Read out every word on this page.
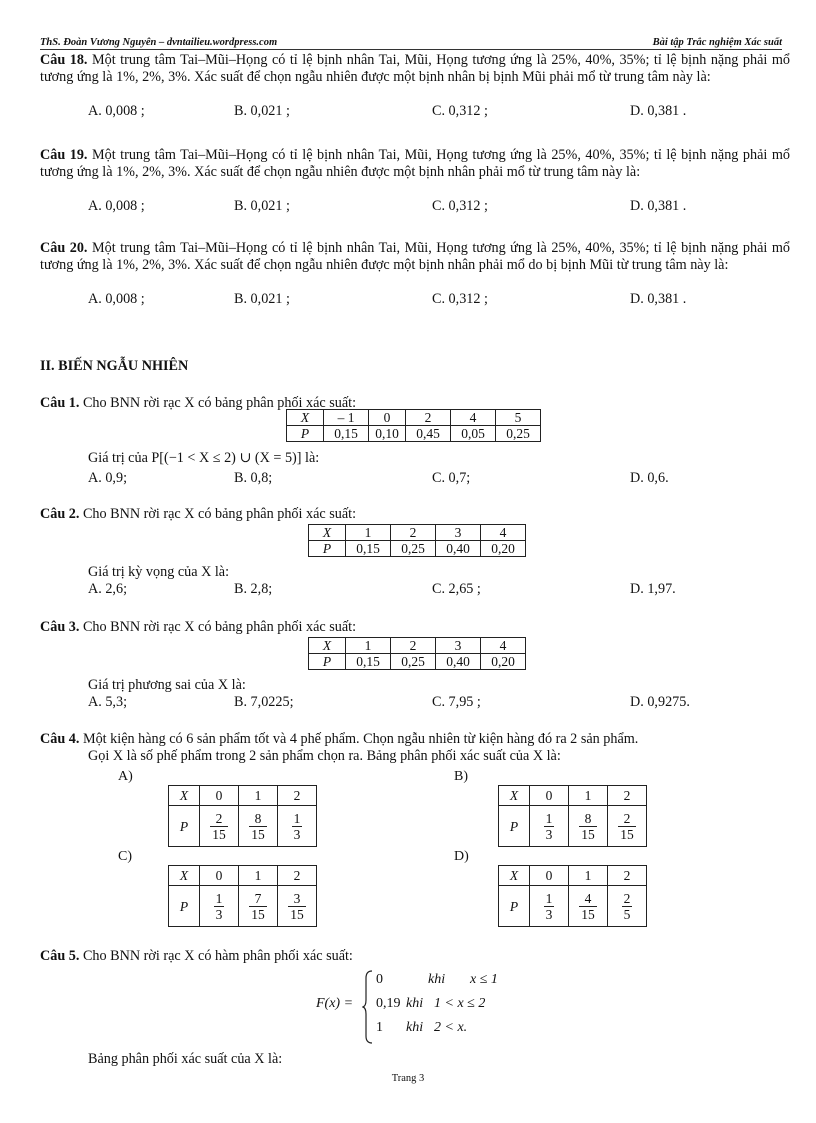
ThS. Đoàn Vương Nguyên – dvntailieu.wordpress.com	Bài tập Trắc nghiệm Xác suất
Câu 18. Một trung tâm Tai–Mũi–Họng có tỉ lệ bịnh nhân Tai, Mũi, Họng tương ứng là 25%, 40%, 35%; tỉ lệ bịnh nặng phải mổ tương ứng là 1%, 2%, 3%. Xác suất để chọn ngẫu nhiên được một bịnh nhân bị bịnh Mũi phải mổ từ trung tâm này là:
A. 0,008 ;	B. 0,021 ;	C. 0,312 ;	D. 0,381 .
Câu 19. Một trung tâm Tai–Mũi–Họng có tỉ lệ bịnh nhân Tai, Mũi, Họng tương ứng là 25%, 40%, 35%; tỉ lệ bịnh nặng phải mổ tương ứng là 1%, 2%, 3%. Xác suất để chọn ngẫu nhiên được một bịnh nhân phải mổ từ trung tâm này là:
A. 0,008 ;	B. 0,021 ;	C. 0,312 ;	D. 0,381 .
Câu 20. Một trung tâm Tai–Mũi–Họng có tỉ lệ bịnh nhân Tai, Mũi, Họng tương ứng là 25%, 40%, 35%; tỉ lệ bịnh nặng phải mổ tương ứng là 1%, 2%, 3%. Xác suất để chọn ngẫu nhiên được một bịnh nhân phải mổ do bị bịnh Mũi từ trung tâm này là:
A. 0,008 ;	B. 0,021 ;	C. 0,312 ;	D. 0,381 .
II. BIẾN NGẪU NHIÊN
Câu 1. Cho BNN rời rạc X có bảng phân phối xác suất:
X	– 1	0	2	4	5
P	0,15	0,10	0,45	0,05	0,25
Giá trị của P[(−1 < X ≤ 2) ∪ (X = 5)] là:
A. 0,9;	B. 0,8;	C. 0,7;	D. 0,6.
Câu 2. Cho BNN rời rạc X có bảng phân phối xác suất:
X	1	2	3	4
P	0,15	0,25	0,40	0,20
Giá trị kỳ vọng của X là:
A. 2,6;	B. 2,8;	C. 2,65 ;	D. 1,97.
Câu 3. Cho BNN rời rạc X có bảng phân phối xác suất:
X	1	2	3	4
P	0,15	0,25	0,40	0,20
Giá trị phương sai của X là:
A. 5,3;	B. 7,0225;	C. 7,95 ;	D. 0,9275.
Câu 4. Một kiện hàng có 6 sản phẩm tốt và 4 phế phẩm. Chọn ngẫu nhiên từ kiện hàng đó ra 2 sản phẩm.
Gọi X là số phế phẩm trong 2 sản phẩm chọn ra. Bảng phân phối xác suất của X là:
A)	B)
C)	D)
X	0	1	2
P	$\frac{2}{15}$	$\frac{8}{15}$	$\frac{1}{3}$
X	0	1	2
P	$\frac{1}{3}$	$\frac{8}{15}$	$\frac{2}{15}$
X	0	1	2
P	$\frac{1}{3}$	$\frac{7}{15}$	$\frac{3}{15}$
X	0	1	2
P	$\frac{1}{3}$	$\frac{4}{15}$	$\frac{2}{5}$
Câu 5. Cho BNN rời rạc X có hàm phân phối xác suất:
F(x) =
0	khi x ≤ 1
0,19 khi 1 < x ≤ 2
1 khi 2 < x.
Bảng phân phối xác suất của X là:
Trang 3
